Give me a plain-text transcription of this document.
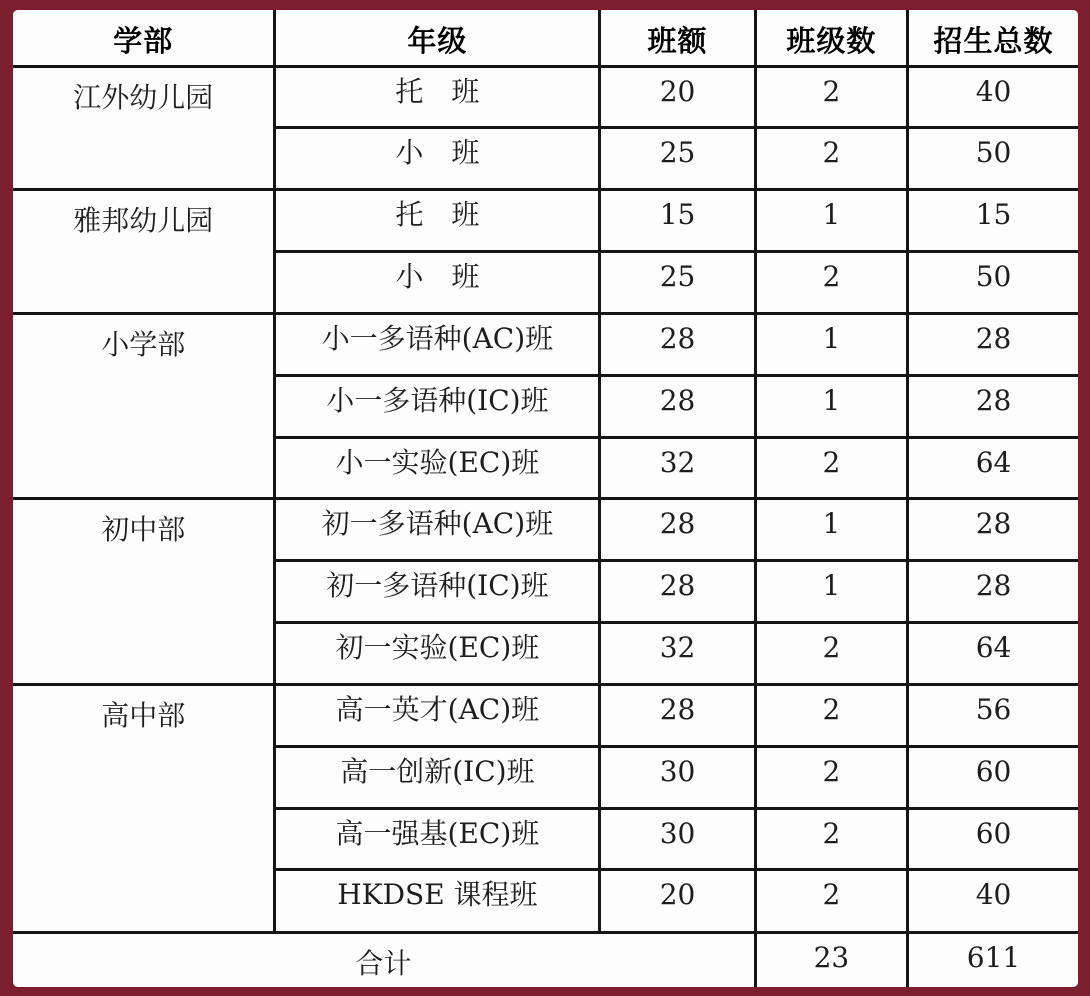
学部	年级	班额	班级数	招生总数
江外幼儿园	托　班	20	2	40
	小　班	25	2	50
雅邦幼儿园	托　班	15	1	15
	小　班	25	2	50
小学部	小一多语种(AC)班	28	1	28
	小一多语种(IC)班	28	1	28
	小一实验(EC)班	32	2	64
初中部	初一多语种(AC)班	28	1	28
	初一多语种(IC)班	28	1	28
	初一实验(EC)班	32	2	64
高中部	高一英才(AC)班	28	2	56
	高一创新(IC)班	30	2	60
	高一强基(EC)班	30	2	60
	HKDSE 课程班	20	2	40
合计			23	611
